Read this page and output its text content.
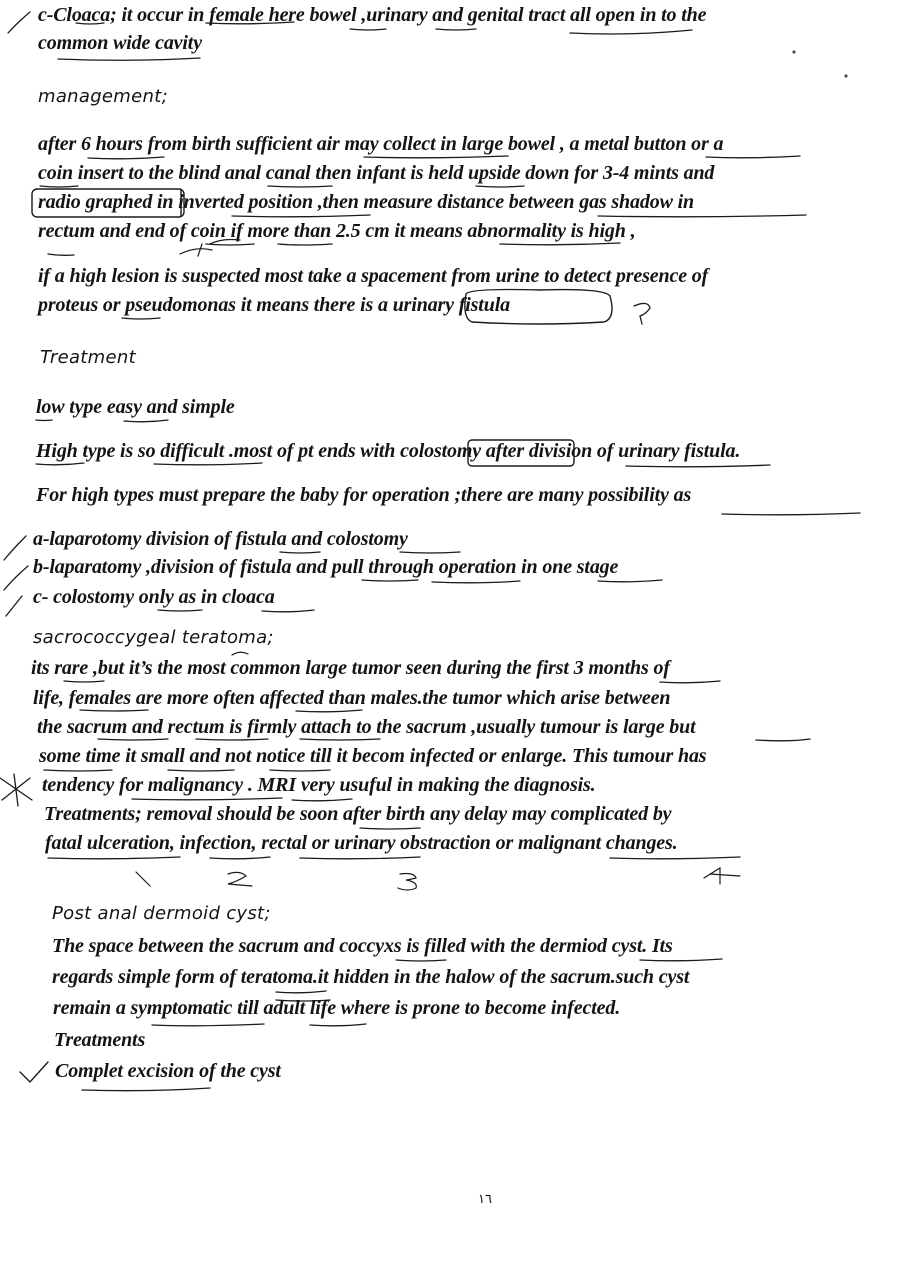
c-Cloaca; it occur in female here bowel ,urinary and genital tract all open in to the
common wide cavity
management;
after 6 hours from birth sufficient air may collect in large bowel , a metal button or a
coin insert to the blind anal canal then infant is held upside down for 3-4 mints and
radio graphed in inverted position ,then measure distance between gas shadow in
rectum and end of coin if more than 2.5 cm it means abnormality is high ,
if a high lesion is suspected most take a spacement from urine to detect presence of
proteus or pseudomonas it means there is a urinary fistula
Treatment
low type easy and simple
High type is so difficult .most of pt ends with colostomy after division of urinary fistula.
For high types must prepare the baby for operation ;there are many possibility as
a-laparotomy division of fistula and colostomy
b-laparatomy ,division of fistula and pull through operation in one stage
c- colostomy only as in cloaca
sacrococcygeal teratoma;
its rare ,but it’s the most common large tumor seen during the first 3 months of
life, females are more often affected than males.the tumor which arise between
the sacrum and rectum is firmly attach to the sacrum ,usually tumour is large but
some time it small and not notice till it becom infected or enlarge. This tumour has
tendency for malignancy . MRI very usuful in making the diagnosis.
Treatments; removal should be soon after birth any delay may complicated by
fatal ulceration, infection, rectal or urinary obstraction or malignant changes.
Post anal dermoid cyst;
The space between the sacrum and coccyxs is filled with the dermiod cyst. Its
regards simple form of teratoma.it hidden in the halow of the sacrum.such cyst
remain a symptomatic till adult life where is prone to become infected.
Treatments
Complet excision of the cyst
١٦
